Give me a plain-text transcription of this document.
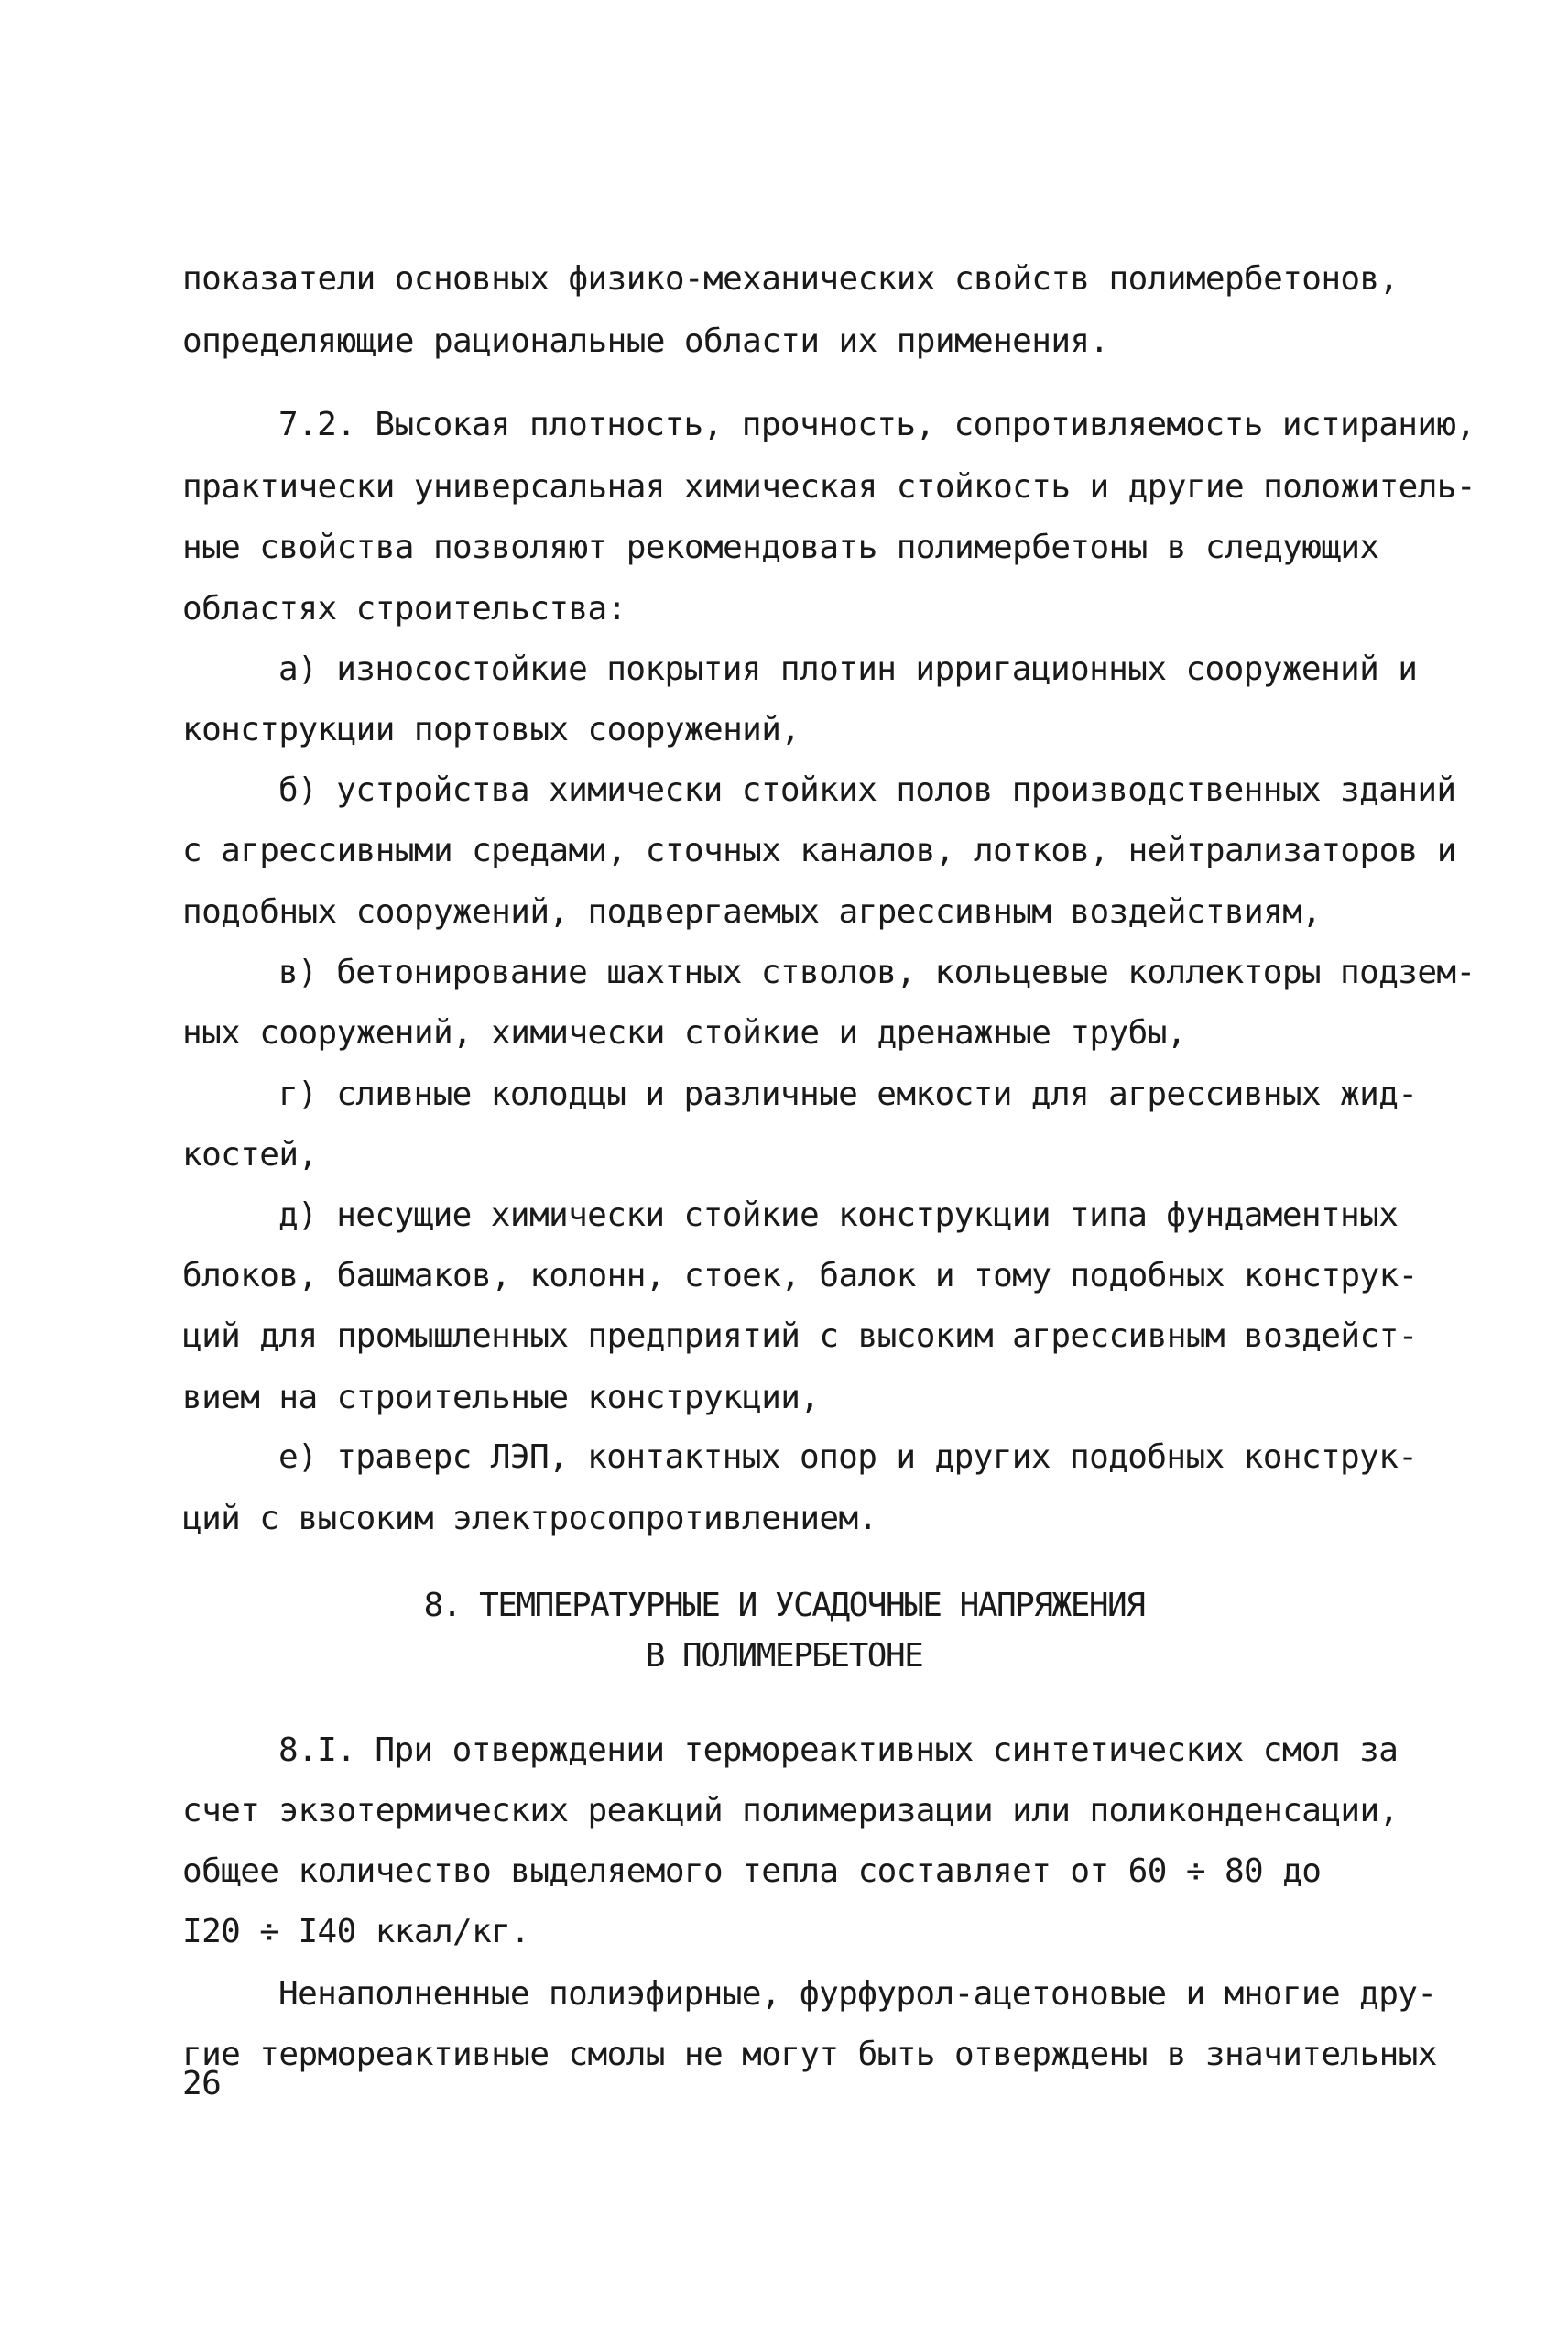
показатели основных физико-механических свойств полимербетонов,
определяющие рациональные области их применения.
7.2. Высокая плотность, прочность, сопротивляемость истиранию,
практически универсальная химическая стойкость и другие положитель-
ные свойства позволяют рекомендовать полимербетоны в следующих
областях строительства:
а) износостойкие покрытия плотин ирригационных сооружений и
конструкции портовых сооружений,
б) устройства химически стойких полов производственных зданий
с агрессивными средами, сточных каналов, лотков, нейтрализаторов и
подобных сооружений, подвергаемых агрессивным воздействиям,
в) бетонирование шахтных стволов, кольцевые коллекторы подзем-
ных сооружений, химически стойкие и дренажные трубы,
г) сливные колодцы и различные емкости для агрессивных жид-
костей,
д) несущие химически стойкие конструкции типа фундаментных
блоков, башмаков, колонн, стоек, балок и тому подобных конструк-
ций для промышленных предприятий с высоким агрессивным воздейст-
вием на строительные конструкции,
е) траверс ЛЭП, контактных опор и других подобных конструк-
ций с высоким электросопротивлением.
8. ТЕМПЕРАТУРНЫЕ И УСАДОЧНЫЕ НАПРЯЖЕНИЯ
В ПОЛИМЕРБЕТОНЕ
8.I. При отверждении термореактивных синтетических смол за
счет экзотермических реакций полимеризации или поликонденсации,
общее количество выделяемого тепла составляет от 60 ÷ 80 до
I20 ÷ I40 ккал/кг.
Ненаполненные полиэфирные, фурфурол-ацетоновые и многие дру-
гие термореактивные смолы не могут быть отверждены в значительных
26
